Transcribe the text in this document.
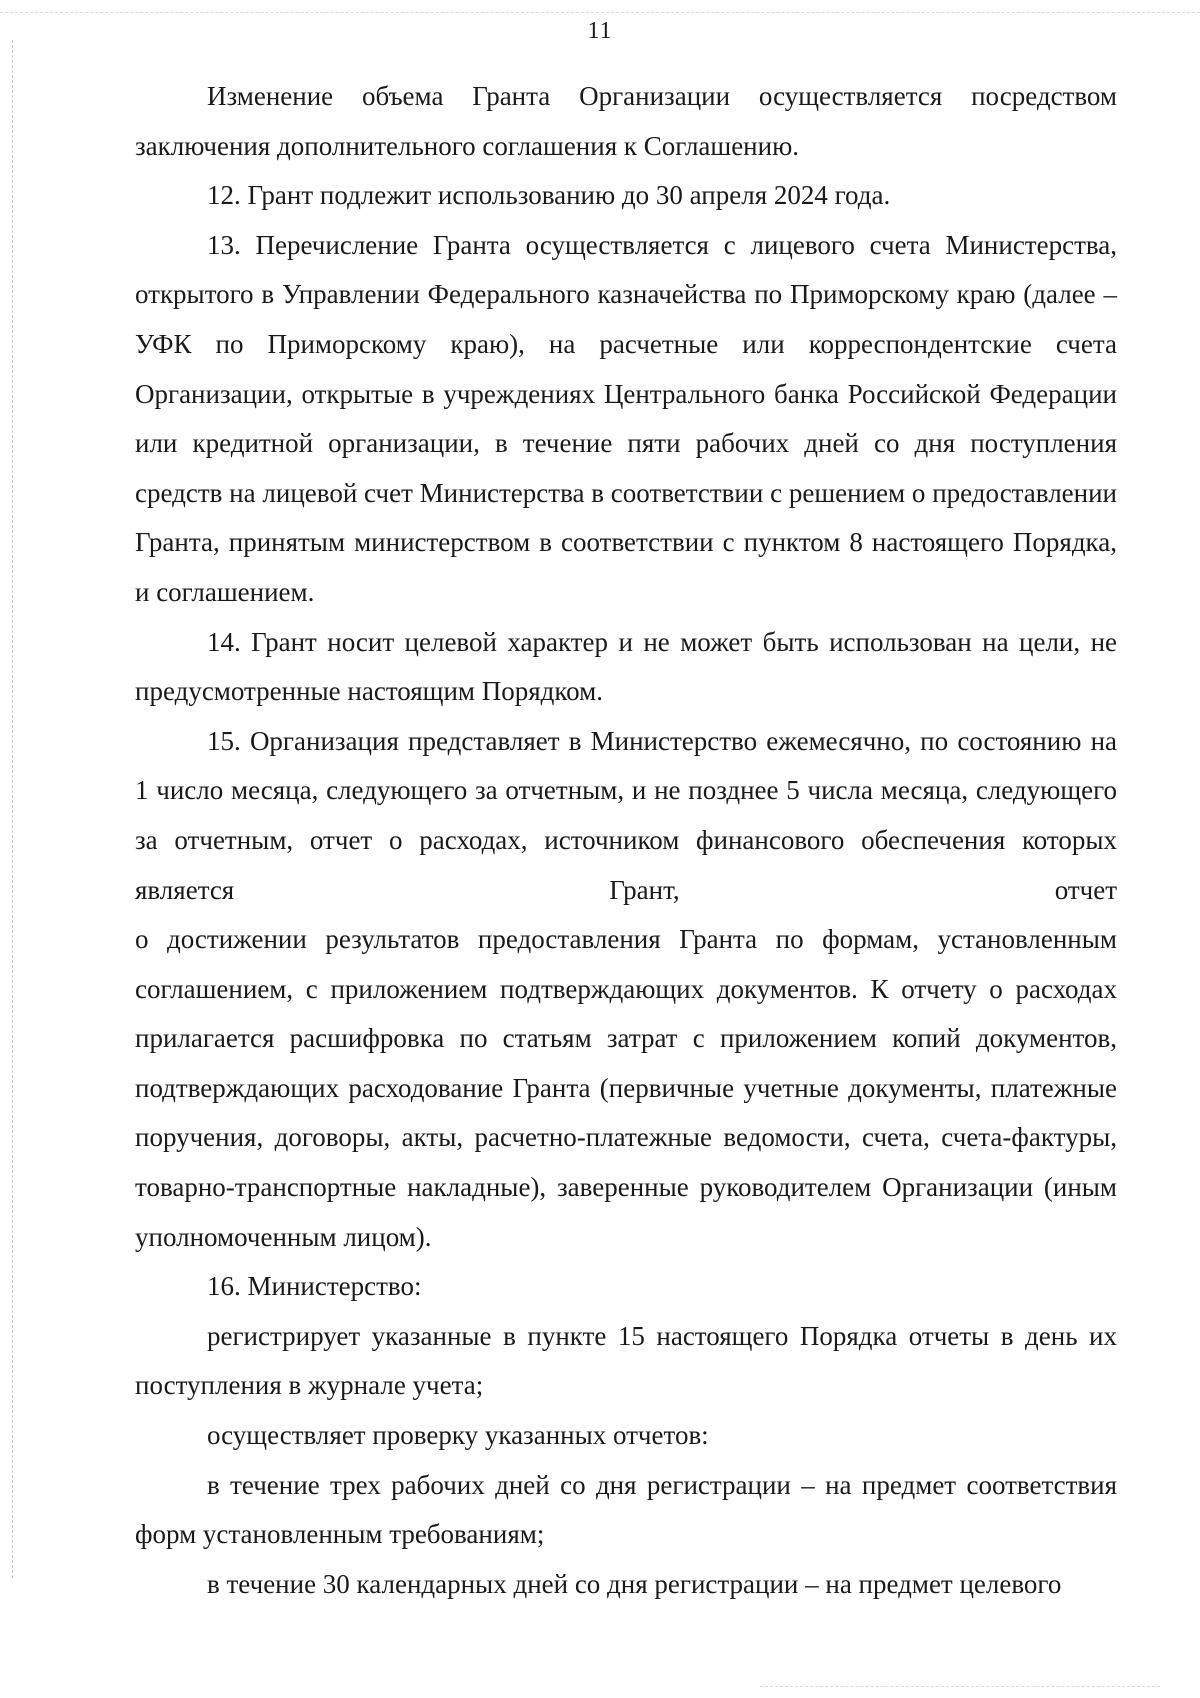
11

Изменение объема Гранта Организации осуществляется посредством заключения дополнительного соглашения к Соглашению.

12. Грант подлежит использованию до 30 апреля 2024 года.

13. Перечисление Гранта осуществляется с лицевого счета Министерства, открытого в Управлении Федерального казначейства по Приморскому краю (далее – УФК по Приморскому краю), на расчетные или корреспондентские счета Организации, открытые в учреждениях Центрального банка Российской Федерации или кредитной организации, в течение пяти рабочих дней со дня поступления средств на лицевой счет Министерства в соответствии с решением о предоставлении Гранта, принятым министерством в соответствии с пунктом 8 настоящего Порядка, и соглашением.

14. Грант носит целевой характер и не может быть использован на цели, не предусмотренные настоящим Порядком.

15. Организация представляет в Министерство ежемесячно, по состоянию на 1 число месяца, следующего за отчетным, и не позднее 5 числа месяца, следующего за отчетным, отчет о расходах, источником финансового обеспечения которых является Грант, отчет

о достижении результатов предоставления Гранта по формам, установленным соглашением, с приложением подтверждающих документов. К отчету о расходах прилагается расшифровка по статьям затрат с приложением копий документов, подтверждающих расходование Гранта (первичные учетные документы, платежные поручения, договоры, акты, расчетно-платежные ведомости, счета, счета-фактуры, товарно-транспортные накладные), заверенные руководителем Организации (иным уполномоченным лицом).

16. Министерство:

регистрирует указанные в пункте 15 настоящего Порядка отчеты в день их поступления в журнале учета;

осуществляет проверку указанных отчетов:

в течение трех рабочих дней со дня регистрации – на предмет соответствия форм установленным требованиям;

в течение 30 календарных дней со дня регистрации – на предмет целевого
